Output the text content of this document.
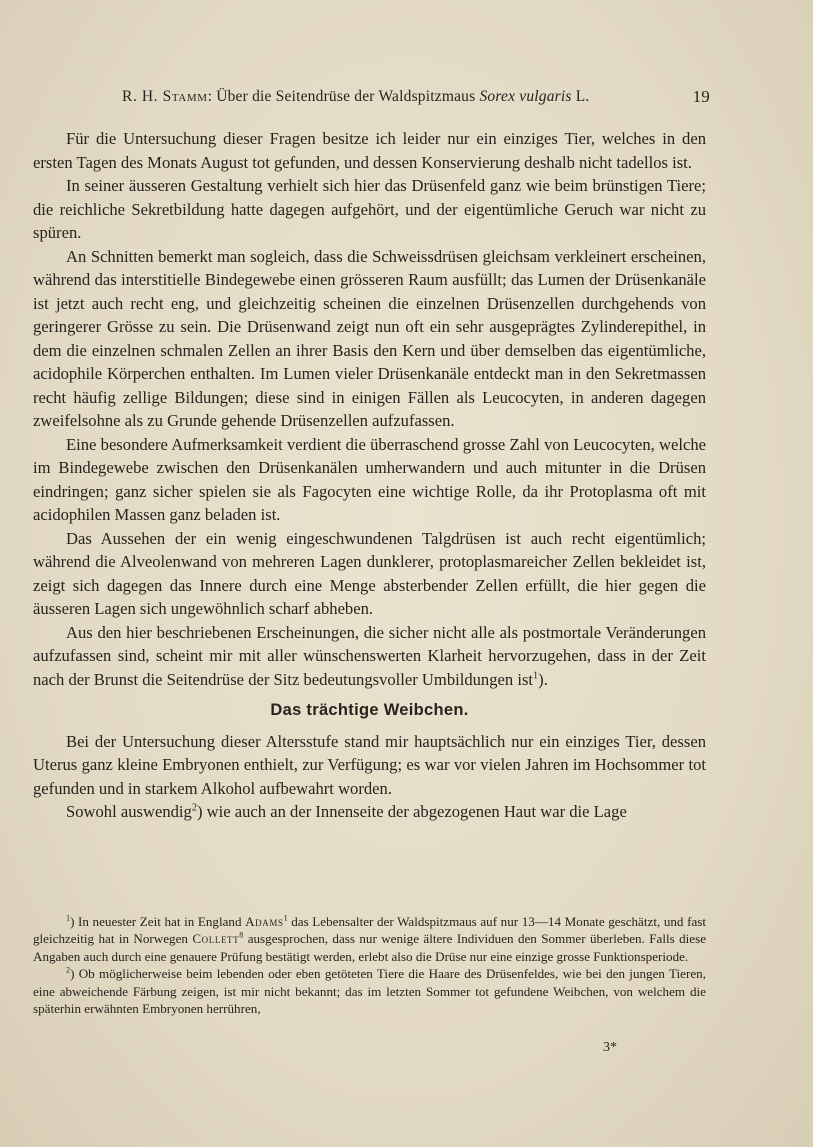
R. H. Stamm: Über die Seitendrüse der Waldspitzmaus Sorex vulgaris L.	19

Für die Untersuchung dieser Fragen besitze ich leider nur ein einziges Tier, welches in den ersten Tagen des Monats August tot gefunden, und dessen Konservierung deshalb nicht tadellos ist.

In seiner äusseren Gestaltung verhielt sich hier das Drüsenfeld ganz wie beim brünstigen Tiere; die reichliche Sekretbildung hatte dagegen aufgehört, und der eigentümliche Geruch war nicht zu spüren.

An Schnitten bemerkt man sogleich, dass die Schweissdrüsen gleichsam verkleinert erscheinen, während das interstitielle Bindegewebe einen grösseren Raum ausfüllt; das Lumen der Drüsenkanäle ist jetzt auch recht eng, und gleichzeitig scheinen die einzelnen Drüsenzellen durchgehends von geringerer Grösse zu sein. Die Drüsenwand zeigt nun oft ein sehr ausgeprägtes Zylinderepithel, in dem die einzelnen schmalen Zellen an ihrer Basis den Kern und über demselben das eigentümliche, acidophile Körperchen enthalten. Im Lumen vieler Drüsenkanäle entdeckt man in den Sekretmassen recht häufig zellige Bildungen; diese sind in einigen Fällen als Leucocyten, in anderen dagegen zweifelsohne als zu Grunde gehende Drüsenzellen aufzufassen.

Eine besondere Aufmerksamkeit verdient die überraschend grosse Zahl von Leucocyten, welche im Bindegewebe zwischen den Drüsenkanälen umherwandern und auch mitunter in die Drüsen eindringen; ganz sicher spielen sie als Fagocyten eine wichtige Rolle, da ihr Protoplasma oft mit acidophilen Massen ganz beladen ist.

Das Aussehen der ein wenig eingeschwundenen Talgdrüsen ist auch recht eigentümlich; während die Alveolenwand von mehreren Lagen dunklerer, protoplasmareicher Zellen bekleidet ist, zeigt sich dagegen das Innere durch eine Menge absterbender Zellen erfüllt, die hier gegen die äusseren Lagen sich ungewöhnlich scharf abheben.

Aus den hier beschriebenen Erscheinungen, die sicher nicht alle als postmortale Veränderungen aufzufassen sind, scheint mir mit aller wünschenswerten Klarheit hervorzugehen, dass in der Zeit nach der Brunst die Seitendrüse der Sitz bedeutungsvoller Umbildungen ist$^1$).

Das trächtige Weibchen.

Bei der Untersuchung dieser Altersstufe stand mir hauptsächlich nur ein einziges Tier, dessen Uterus ganz kleine Embryonen enthielt, zur Verfügung; es war vor vielen Jahren im Hochsommer tot gefunden und in starkem Alkohol aufbewahrt worden.

Sowohl auswendig$^2$) wie auch an der Innenseite der abgezogenen Haut war die Lage

$^1$) In neuester Zeit hat in England Adams$^1$ das Lebensalter der Waldspitzmaus auf nur 13—14 Monate geschätzt, und fast gleichzeitig hat in Norwegen Collett$^8$ ausgesprochen, dass nur wenige ältere Individuen den Sommer überleben. Falls diese Angaben auch durch eine genauere Prüfung bestätigt werden, erlebt also die Drüse nur eine einzige grosse Funktionsperiode.

$^2$) Ob möglicherweise beim lebenden oder eben getöteten Tiere die Haare des Drüsenfeldes, wie bei den jungen Tieren, eine abweichende Färbung zeigen, ist mir nicht bekannt; das im letzten Sommer tot gefundene Weibchen, von welchem die späterhin erwähnten Embryonen herrühren,

3*
